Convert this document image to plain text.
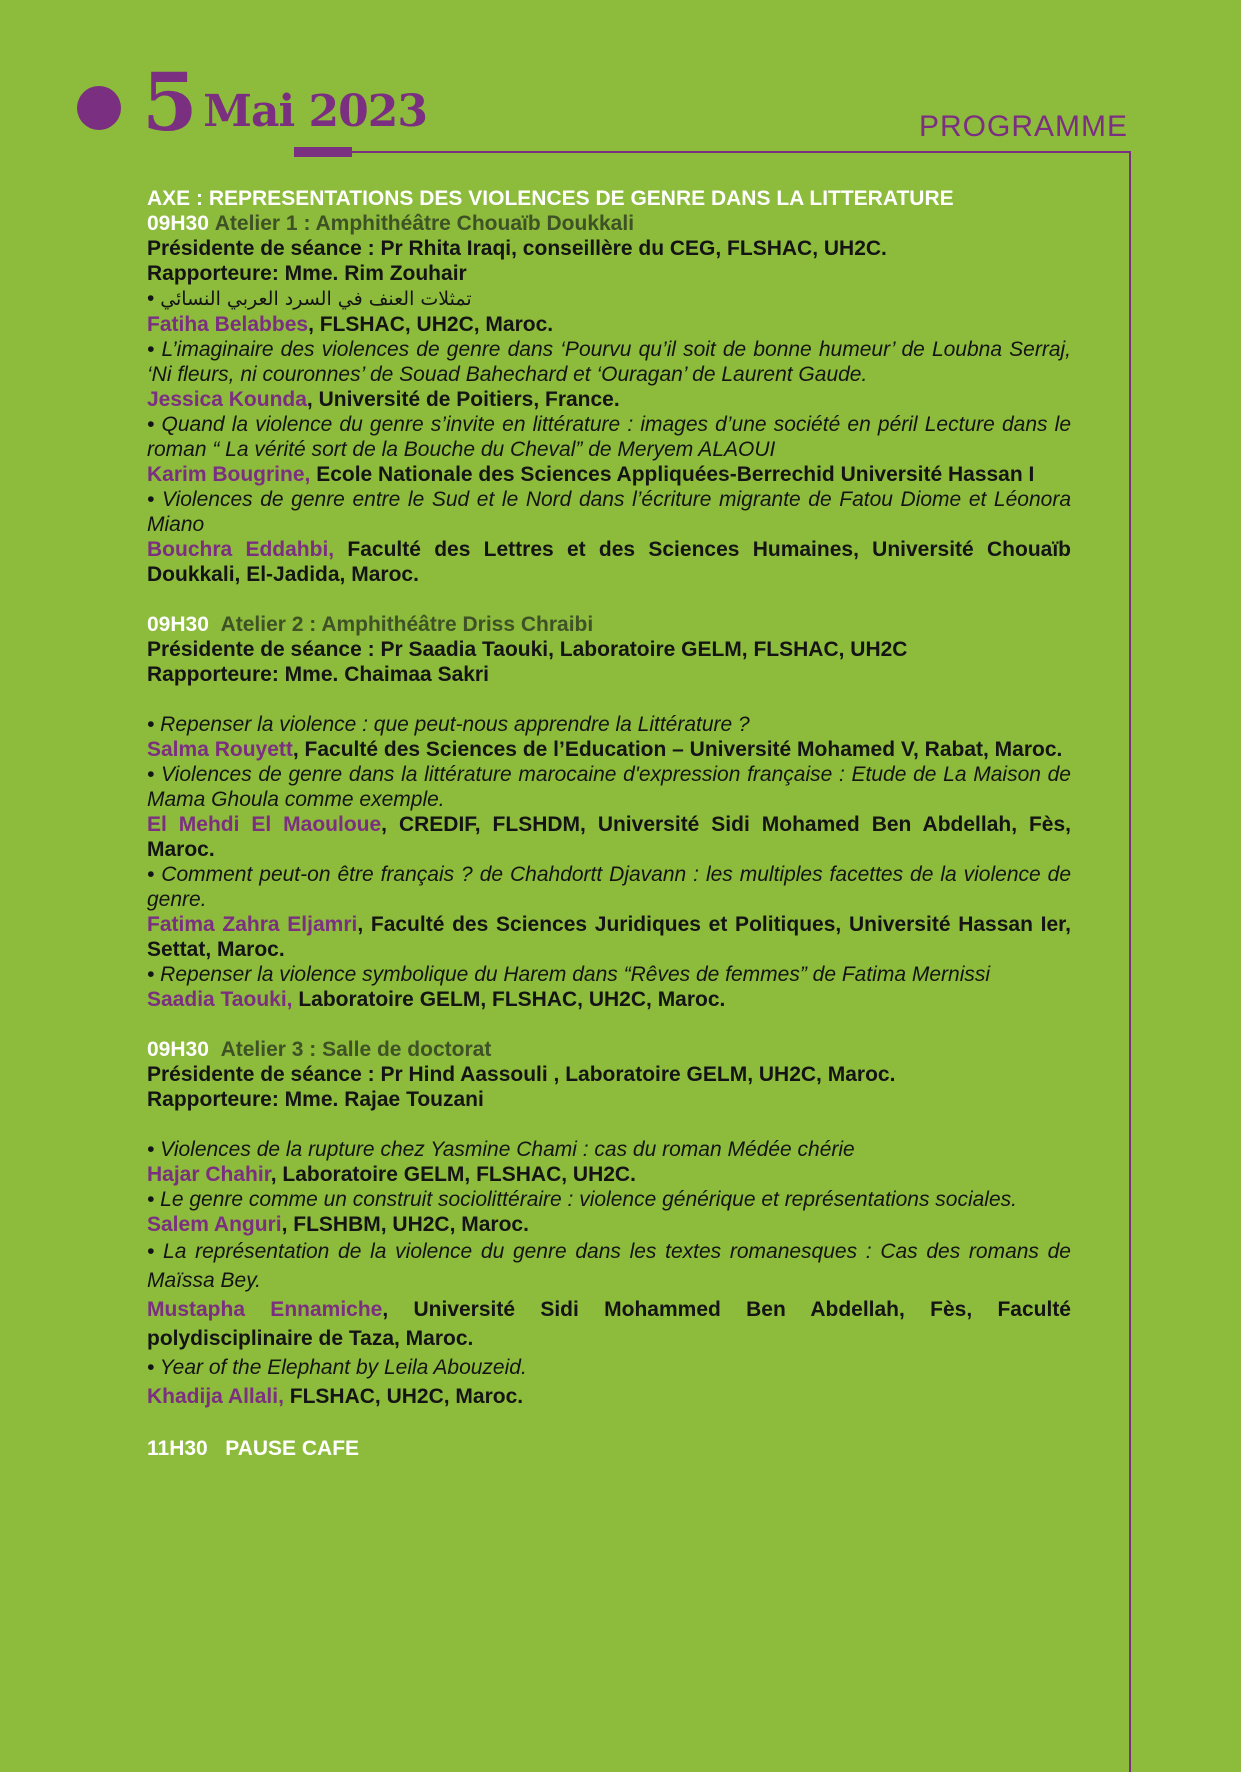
5 Mai 2023	PROGRAMME

AXE : REPRESENTATIONS DES VIOLENCES DE GENRE DANS LA LITTERATURE

09H30 Atelier 1 : Amphithéâtre Chouaïb Doukkali

Présidente de séance : Pr Rhita Iraqi, conseillère du CEG, FLSHAC, UH2C.

Rapporteure: Mme. Rim Zouhair

• تمثلات العنف في السرد العربي النسائي

Fatiha Belabbes, FLSHAC, UH2C, Maroc.

• L’imaginaire des violences de genre dans ‘Pourvu qu’il soit de bonne humeur’ de Loubna Serraj, ‘Ni fleurs, ni couronnes’ de Souad Bahechard et ‘Ouragan’ de Laurent Gaude.

Jessica Kounda, Université de Poitiers, France.

• Quand la violence du genre s’invite en littérature : images d’une société en péril Lecture dans le roman “ La vérité sort de la Bouche du Cheval” de Meryem ALAOUI

Karim Bougrine, Ecole Nationale des Sciences Appliquées-Berrechid Université Hassan I

• Violences de genre entre le Sud et le Nord dans l’écriture migrante de Fatou Diome et Léonora Miano

Bouchra Eddahbi, Faculté des Lettres et des Sciences Humaines, Université Chouaïb Doukkali, El-Jadida, Maroc.

09H30 Atelier 2 : Amphithéâtre Driss Chraibi

Présidente de séance : Pr Saadia Taouki, Laboratoire GELM, FLSHAC, UH2C

Rapporteure: Mme. Chaimaa Sakri

• Repenser la violence : que peut-nous apprendre la Littérature ?

Salma Rouyett, Faculté des Sciences de l’Education – Université Mohamed V, Rabat, Maroc.

• Violences de genre dans la littérature marocaine d'expression française : Etude de La Maison de Mama Ghoula comme exemple.

El Mehdi El Maouloue, CREDIF, FLSHDM, Université Sidi Mohamed Ben Abdellah, Fès, Maroc.

• Comment peut-on être français ? de Chahdortt Djavann : les multiples facettes de la violence de genre.

Fatima Zahra Eljamri, Faculté des Sciences Juridiques et Politiques, Université Hassan Ier, Settat, Maroc.

• Repenser la violence symbolique du Harem dans “Rêves de femmes” de Fatima Mernissi

Saadia Taouki, Laboratoire GELM, FLSHAC, UH2C, Maroc.

09H30 Atelier 3 : Salle de doctorat

Présidente de séance : Pr Hind Aassouli , Laboratoire GELM, UH2C, Maroc.

Rapporteure: Mme. Rajae Touzani

• Violences de la rupture chez Yasmine Chami : cas du roman Médée chérie

Hajar Chahir, Laboratoire GELM, FLSHAC, UH2C.

• Le genre comme un construit sociolittéraire : violence générique et représentations sociales.

Salem Anguri, FLSHBM, UH2C, Maroc.

• La représentation de la violence du genre dans les textes romanesques : Cas des romans de Maïssa Bey.

Mustapha Ennamiche, Université Sidi Mohammed Ben Abdellah, Fès, Faculté polydisciplinaire de Taza, Maroc.

• Year of the Elephant by Leila Abouzeid.

Khadija Allali, FLSHAC, UH2C, Maroc.

11H30 PAUSE CAFE
